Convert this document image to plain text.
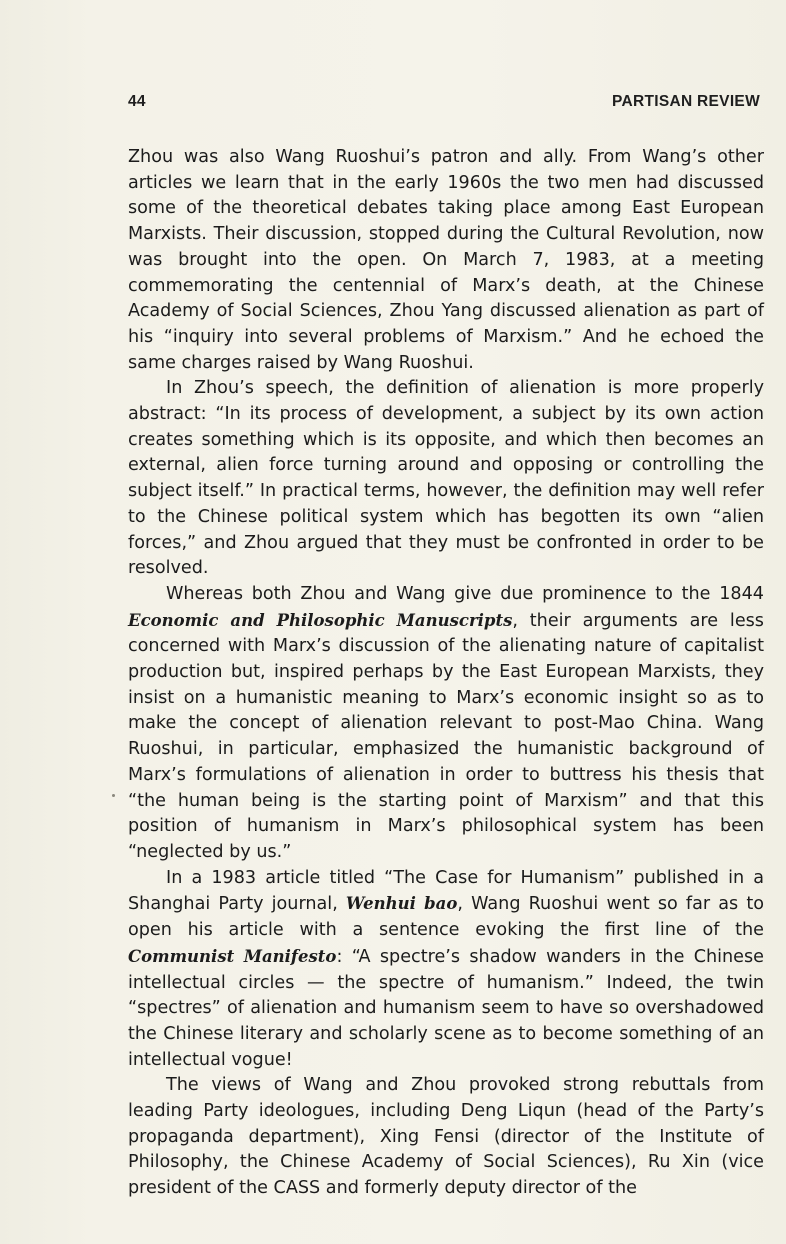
44	PARTISAN REVIEW

Zhou was also Wang Ruoshui’s patron and ally. From Wang’s other articles we learn that in the early 1960s the two men had discussed some of the theoretical debates taking place among East European Marxists. Their discussion, stopped during the Cultural Revolution, now was brought into the open. On March 7, 1983, at a meeting commemorating the centennial of Marx’s death, at the Chinese Academy of Social Sciences, Zhou Yang discussed alienation as part of his “inquiry into several problems of Marxism.” And he echoed the same charges raised by Wang Ruoshui.

In Zhou’s speech, the definition of alienation is more properly abstract: “In its process of development, a subject by its own action creates something which is its opposite, and which then becomes an external, alien force turning around and opposing or controlling the subject itself.” In practical terms, however, the definition may well refer to the Chinese political system which has begotten its own “alien forces,” and Zhou argued that they must be confronted in order to be resolved.

Whereas both Zhou and Wang give due prominence to the 1844 Economic and Philosophic Manuscripts, their arguments are less concerned with Marx’s discussion of the alienating nature of capitalist production but, inspired perhaps by the East European Marxists, they insist on a humanistic meaning to Marx’s economic insight so as to make the concept of alienation relevant to post-Mao China. Wang Ruoshui, in particular, emphasized the humanistic background of Marx’s formulations of alienation in order to buttress his thesis that “the human being is the starting point of Marxism” and that this position of humanism in Marx’s philosophical system has been “neglected by us.”

In a 1983 article titled “The Case for Humanism” published in a Shanghai Party journal, Wenhui bao, Wang Ruoshui went so far as to open his article with a sentence evoking the first line of the Communist Manifesto: “A spectre’s shadow wanders in the Chinese intellectual circles — the spectre of humanism.” Indeed, the twin “spectres” of alienation and humanism seem to have so overshadowed the Chinese literary and scholarly scene as to become something of an intellectual vogue!

The views of Wang and Zhou provoked strong rebuttals from leading Party ideologues, including Deng Liqun (head of the Party’s propaganda department), Xing Fensi (director of the Institute of Philosophy, the Chinese Academy of Social Sciences), Ru Xin (vice president of the CASS and formerly deputy director of the
